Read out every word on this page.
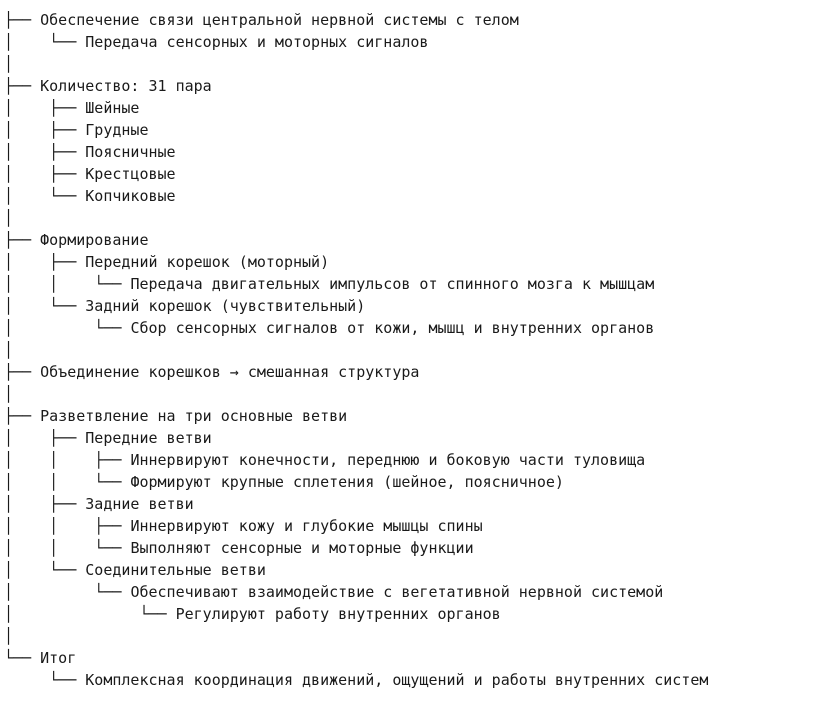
├── Обеспечение связи центральной нервной системы с телом
│    └── Передача сенсорных и моторных сигналов
│
├── Количество: 31 пара
│    ├── Шейные
│    ├── Грудные
│    ├── Поясничные
│    ├── Крестцовые
│    └── Копчиковые
│
├── Формирование
│    ├── Передний корешок (моторный)
│    │    └── Передача двигательных импульсов от спинного мозга к мышцам
│    └── Задний корешок (чувствительный)
│         └── Сбор сенсорных сигналов от кожи, мышц и внутренних органов
│
├── Объединение корешков → смешанная структура
│
├── Разветвление на три основные ветви
│    ├── Передние ветви
│    │    ├── Иннервируют конечности, переднюю и боковую части туловища
│    │    └── Формируют крупные сплетения (шейное, поясничное)
│    ├── Задние ветви
│    │    ├── Иннервируют кожу и глубокие мышцы спины
│    │    └── Выполняют сенсорные и моторные функции
│    └── Соединительные ветви
│         └── Обеспечивают взаимодействие с вегетативной нервной системой
│              └── Регулируют работу внутренних органов
│
└── Итог
└── Комплексная координация движений, ощущений и работы внутренних систем
